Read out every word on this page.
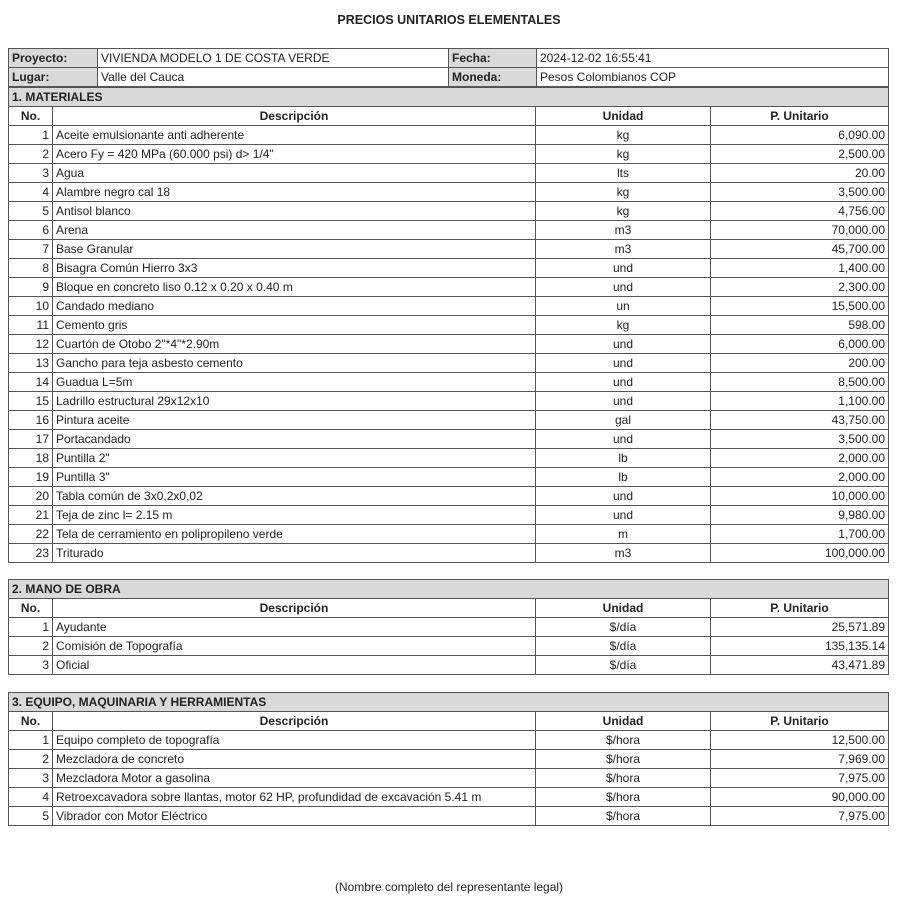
PRECIOS UNITARIOS ELEMENTALES
Proyecto:	VIVIENDA MODELO 1 DE COSTA VERDE	Fecha:	2024-12-02 16:55:41
Lugar:	Valle del Cauca	Moneda:	Pesos Colombianos COP
1. MATERIALES			
No.	Descripción	Unidad	P. Unitario
1	Aceite emulsionante anti adherente	kg	6,090.00
2	Acero Fy = 420 MPa (60.000 psi) d> 1/4"	kg	2,500.00
3	Agua	lts	20.00
4	Alambre negro cal 18	kg	3,500.00
5	Antisol blanco	kg	4,756.00
6	Arena	m3	70,000.00
7	Base Granular	m3	45,700.00
8	Bisagra Común Hierro 3x3	und	1,400.00
9	Bloque en concreto liso 0.12 x 0.20 x 0.40 m	und	2,300.00
10	Candado mediano	un	15,500.00
11	Cemento gris	kg	598.00
12	Cuartón de Otobo 2"*4"*2.90m	und	6,000.00
13	Gancho para teja asbesto cemento	und	200.00
14	Guadua L=5m	und	8,500.00
15	Ladrillo estructural 29x12x10	und	1,100.00
16	Pintura aceite	gal	43,750.00
17	Portacandado	und	3,500.00
18	Puntilla 2"	lb	2,000.00
19	Puntilla 3"	lb	2,000.00
20	Tabla común de 3x0,2x0,02	und	10,000.00
21	Teja de zinc l= 2.15 m	und	9,980.00
22	Tela de cerramiento en polipropileno verde	m	1,700.00
23	Triturado	m3	100,000.00
2. MANO DE OBRA			
No.	Descripción	Unidad	P. Unitario
1	Ayudante	$/día	25,571.89
2	Comisión de Topografía	$/día	135,135.14
3	Oficial	$/día	43,471.89
3. EQUIPO, MAQUINARIA Y HERRAMIENTAS			
No.	Descripción	Unidad	P. Unitario
1	Equipo completo de topografía	$/hora	12,500.00
2	Mezcladora de concreto	$/hora	7,969.00
3	Mezcladora Motor a gasolina	$/hora	7,975.00
4	Retroexcavadora sobre llantas, motor 62 HP, profundidad de excavación 5.41 m	$/hora	90,000.00
5	Vibrador con Motor Eléctrico	$/hora	7,975.00
(Nombre completo del representante legal)
